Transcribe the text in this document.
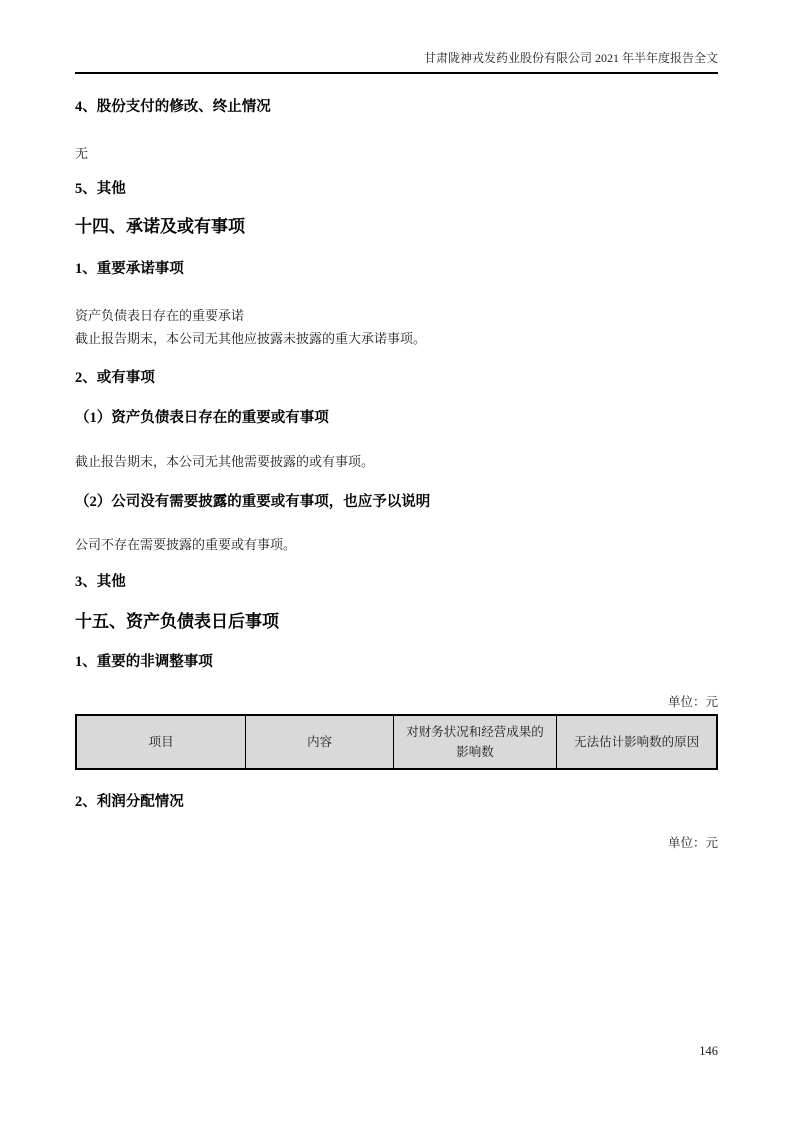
甘肃陇神戎发药业股份有限公司 2021 年半年度报告全文

4、股份支付的修改、终止情况

无

5、其他

十四、承诺及或有事项

1、重要承诺事项

资产负债表日存在的重要承诺
截止报告期末，本公司无其他应披露未披露的重大承诺事项。

2、或有事项

（1）资产负债表日存在的重要或有事项

截止报告期末，本公司无其他需要披露的或有事项。

（2）公司没有需要披露的重要或有事项，也应予以说明

公司不存在需要披露的重要或有事项。

3、其他

十五、资产负债表日后事项

1、重要的非调整事项

单位：元

项目	内容	对财务状况和经营成果的影响数	无法估计影响数的原因

2、利润分配情况

单位：元

146
